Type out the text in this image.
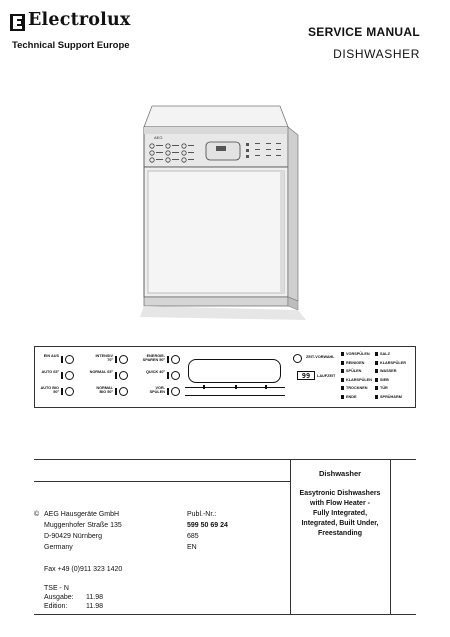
Electrolux
Technical Support Europe
SERVICE MANUAL
DISHWASHER
AEG
EIN AUS
AUTO 65°
AUTO BIO 50°
INTENSIV 70°
NORMAL 65°
NORMAL BIO 50°
ENERGIE-SPAREN 50°
QUICK 40°
VOR-SPÜLEN
ZEIT-VORWAHL
99	LAUFZEIT
VORSPÜLEN
REINIGEN
SPÜLEN
KLARSPÜLEN
TROCKNEN
ENDE
SALZ
KLARSPÜLER
WASSER
SIEB
TÜR
SPRÜHARM
© AEG Hausgeräte GmbH
Muggenhofer Straße 135
D-90429 Nürnberg
Germany
Publ.-Nr.:
599 50 69 24
685
EN
Fax +49 (0)911 323 1420
TSE - N
Ausgabe: 11.98
Edition:	11.98
Dishwasher
Easytronic Dishwashers
with Flow Heater -
Fully Integrated,
Integrated, Built Under,
Freestanding
